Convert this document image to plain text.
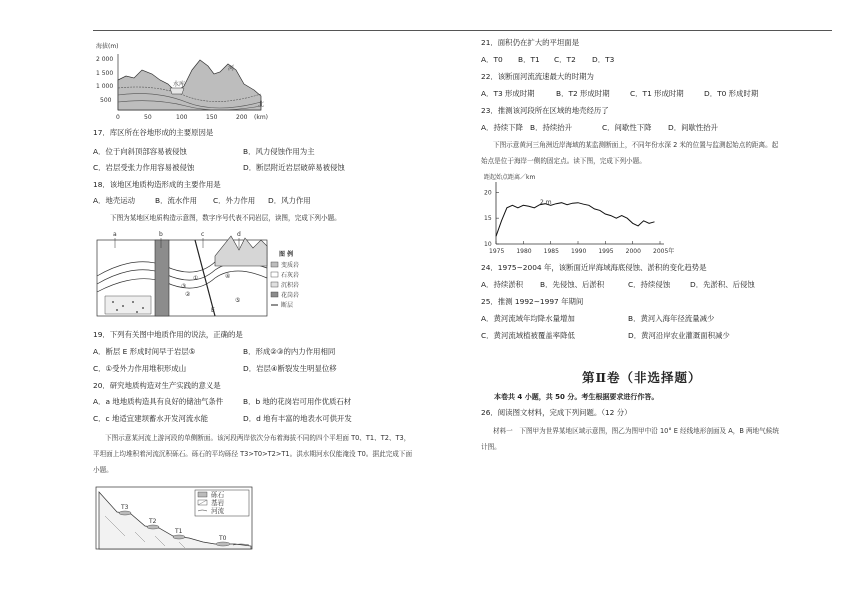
海拔(m)
2 000
1 500
1 000
500
水库
河
北
0	50	100	150	200 (km)
17．库区所在谷地形成的主要原因是
A．位于向斜顶部容易被侵蚀	B．风力侵蚀作用为主
C．岩层受张力作用容易被侵蚀	D．断层附近岩层破碎易被侵蚀
18．该地区地质构造形成的主要作用是
A．地壳运动	B．流水作用 C．外力作用 D．风力作用
下图为某地区地质构造示意图，数字序号代表不同岩层，读图，完成下列小题。
a	b	c	d
①
②
③
④
⑤
E
图 例
变质岩
石灰岩
沉积岩
花岗岩
断层
19．下列有关图中地质作用的说法，正确的是
A．断层 E 形成时间早于岩层⑤	B．形成②③的内力作用相同
C．①受外力作用堆积形成山	D．岩层④断裂发生明显位移
20．研究地质构造对生产实践的意义是
A．a 地地质构造具有良好的储油气条件	B．b 地的花岗岩可用作优质石材
C．c 地适宜建坝蓄水开发河流水能	D．d 地有丰富的地表水可供开发
下图示意某河流上游河段的单侧断面。该河段两岸依次分布着海拔不同的四个平坦面 T0、T1、T2、T3，平坦面上均堆积着河流沉积砾石。砾石的平均砾径 T3>T0>T2>T1。洪水期河水仅能淹没 T0。据此完成下面小题。
T3
T2
T1
T0
砾石
基岩
河流
21．面积仍在扩大的平坦面是
A．T0 B．T1 C．T2 D．T3
22．该断面河流流速最大的时期为
A．T3 形成时期	B．T2 形成时期	C．T1 形成时期	D．T0 形成时期
23．推测该河段所在区域的地壳经历了
A．持续下降 B．持续抬升	C．间歇性下降 D．间歇性抬升
下图示意黄河三角洲近岸海域的某监测断面上，不同年份水深 2 米的位置与监测起始点的距离。起始点是位于海岸一侧的固定点。读下图，完成下列小题。
距起始点距离／km
10
15
20
1975 1980 1985 1990 1995 2000 2005年
2 m
24．1975~2004 年，该断面近岸海域海底侵蚀、淤积的变化趋势是
A．持续淤积 B．先侵蚀、后淤积	C．持续侵蚀	D．先淤积、后侵蚀
25．推测 1992~1997 年期间
A．黄河流域年均降水量增加	B．黄河入海年径流量减少
C．黄河流域植被覆盖率降低	D．黄河沿岸农业灌溉面积减少
第Ⅱ卷（非选择题）
本卷共 4 小题，共 50 分。考生根据要求进行作答。
26．阅读图文材料，完成下列问题。（12 分）
材料一　下图甲为世界某地区域示意图，图乙为图甲中沿 10° E 经线地形剖面及 A，B 两地气候统计图。
